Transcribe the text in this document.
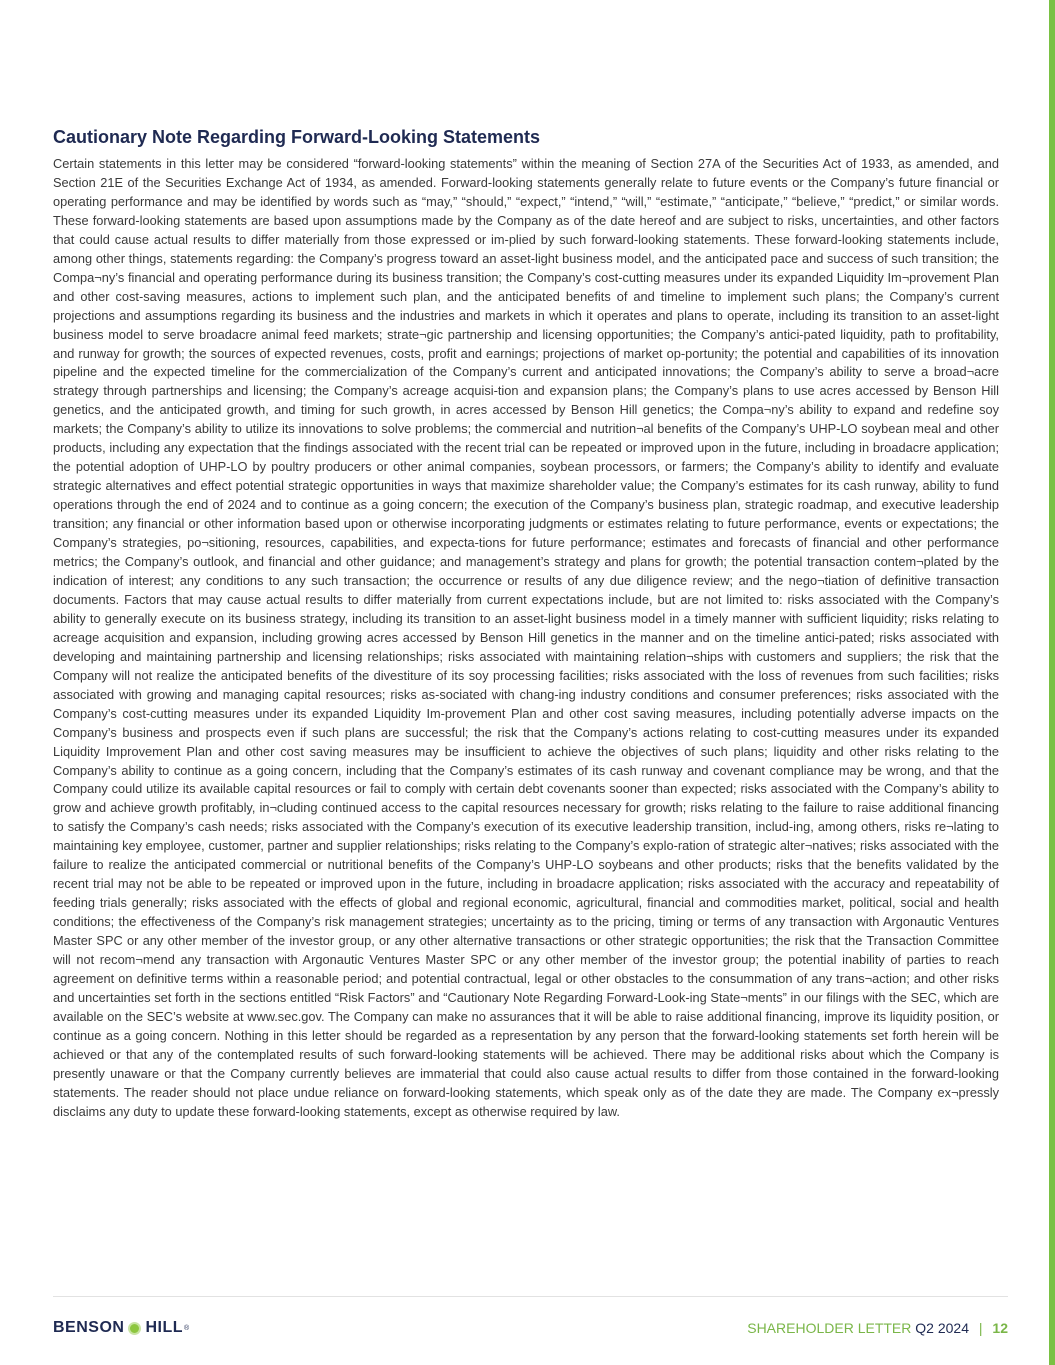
Cautionary Note Regarding Forward-Looking Statements

Certain statements in this letter may be considered “forward-looking statements” within the meaning of Section 27A of the Securities Act of 1933, as amended, and Section 21E of the Securities Exchange Act of 1934, as amended. Forward-looking statements generally relate to future events or the Company’s future financial or operating performance and may be identified by words such as “may,” “should,” “expect,” “intend,” “will,” “estimate,” “anticipate,” “believe,” “predict,” or similar words. These forward-looking statements are based upon assumptions made by the Company as of the date hereof and are subject to risks, uncertainties, and other factors that could cause actual results to differ materially from those expressed or im-plied by such forward-looking statements. These forward-looking statements include, among other things, statements regarding: the Company’s progress toward an asset-light business model, and the anticipated pace and success of such transition; the Compa¬ny’s financial and operating performance during its business transition; the Company’s cost-cutting measures under its expanded Liquidity Im¬provement Plan and other cost-saving measures, actions to implement such plan, and the anticipated benefits of and timeline to implement such plans; the Company’s current projections and assumptions regarding its business and the industries and markets in which it operates and plans to operate, including its transition to an asset-light business model to serve broadacre animal feed markets; strate¬gic partnership and licensing opportunities; the Company’s antici-pated liquidity, path to profitability, and runway for growth; the sources of expected revenues, costs, profit and earnings; projections of market op-portunity; the potential and capabilities of its innovation pipeline and the expected timeline for the commercialization of the Company’s current and anticipated innovations; the Company’s ability to serve a broad¬acre strategy through partnerships and licensing; the Company’s acreage acquisi-tion and expansion plans; the Company’s plans to use acres accessed by Benson Hill genetics, and the anticipated growth, and timing for such growth, in acres accessed by Benson Hill genetics; the Compa¬ny’s ability to expand and redefine soy markets; the Company’s ability to utilize its innovations to solve problems; the commercial and nutrition¬al benefits of the Company’s UHP-LO soybean meal and other products, including any expectation that the findings associated with the recent trial can be repeated or improved upon in the future, including in broadacre application; the potential adoption of UHP-LO by poultry producers or other animal companies, soybean processors, or farmers; the Company’s ability to identify and evaluate strategic alternatives and effect potential strategic opportunities in ways that maximize shareholder value; the Company’s estimates for its cash runway, ability to fund operations through the end of 2024 and to continue as a going concern; the execution of the Company’s business plan, strategic roadmap, and executive leadership transition; any financial or other information based upon or otherwise incorporating judgments or estimates relating to future performance, events or expectations; the Company’s strategies, po¬sitioning, resources, capabilities, and expecta-tions for future performance; estimates and forecasts of financial and other performance metrics; the Company’s outlook, and financial and other guidance; and management’s strategy and plans for growth; the potential transaction contem¬plated by the indication of interest; any conditions to any such transaction; the occurrence or results of any due diligence review; and the nego¬tiation of definitive transaction documents. Factors that may cause actual results to differ materially from current expectations include, but are not limited to: risks associated with the Company’s ability to generally execute on its business strategy, including its transition to an asset-light business model in a timely manner with sufficient liquidity; risks relating to acreage acquisition and expansion, including growing acres accessed by Benson Hill genetics in the manner and on the timeline antici-pated; risks associated with developing and maintaining partnership and licensing relationships; risks associated with maintaining relation¬ships with customers and suppliers; the risk that the Company will not realize the anticipated benefits of the divestiture of its soy processing facilities; risks associated with the loss of revenues from such facilities; risks associated with growing and managing capital resources; risks as-sociated with chang-ing industry conditions and consumer preferences; risks associated with the Company’s cost-cutting measures under its expanded Liquidity Im-provement Plan and other cost saving measures, including potentially adverse impacts on the Company’s business and prospects even if such plans are successful; the risk that the Company’s actions relating to cost-cutting measures under its expanded Liquidity Improvement Plan and other cost saving measures may be insufficient to achieve the objectives of such plans; liquidity and other risks relating to the Company’s ability to continue as a going concern, including that the Company’s estimates of its cash runway and covenant compliance may be wrong, and that the Company could utilize its available capital resources or fail to comply with certain debt covenants sooner than expected; risks associated with the Company’s ability to grow and achieve growth profitably, in¬cluding continued access to the capital resources necessary for growth; risks relating to the failure to raise additional financing to satisfy the Company’s cash needs; risks associated with the Company’s execution of its executive leadership transition, includ-ing, among others, risks re¬lating to maintaining key employee, customer, partner and supplier relationships; risks relating to the Company’s explo-ration of strategic alter¬natives; risks associated with the failure to realize the anticipated commercial or nutritional benefits of the Company’s UHP-LO soybeans and other products; risks that the benefits validated by the recent trial may not be able to be repeated or improved upon in the future, including in broadacre application; risks associated with the accuracy and repeatability of feeding trials generally; risks associated with the effects of global and regional economic, agricultural, financial and commodities market, political, social and health conditions; the effectiveness of the Company’s risk management strategies; uncertainty as to the pricing, timing or terms of any transaction with Argonautic Ventures Master SPC or any other member of the investor group, or any other alternative transactions or other strategic opportunities; the risk that the Transaction Committee will not recom¬mend any transaction with Argonautic Ventures Master SPC or any other member of the investor group; the potential inability of parties to reach agreement on definitive terms within a reasonable period; and potential contractual, legal or other obstacles to the consummation of any trans¬action; and other risks and uncertainties set forth in the sections entitled “Risk Factors” and “Cautionary Note Regarding Forward-Look-ing State¬ments” in our filings with the SEC, which are available on the SEC’s website at www.sec.gov. The Company can make no assurances that it will be able to raise additional financing, improve its liquidity position, or continue as a going concern. Nothing in this letter should be regarded as a representation by any person that the forward-looking statements set forth herein will be achieved or that any of the contemplated results of such forward-looking statements will be achieved. There may be additional risks about which the Company is presently unaware or that the Company currently believes are immaterial that could also cause actual results to differ from those contained in the forward-looking statements. The reader should not place undue reliance on forward-looking statements, which speak only as of the date they are made. The Company ex¬pressly disclaims any duty to update these forward-looking statements, except as otherwise required by law.

BENSON HILL ®	SHAREHOLDER LETTER Q2 2024 | 12
